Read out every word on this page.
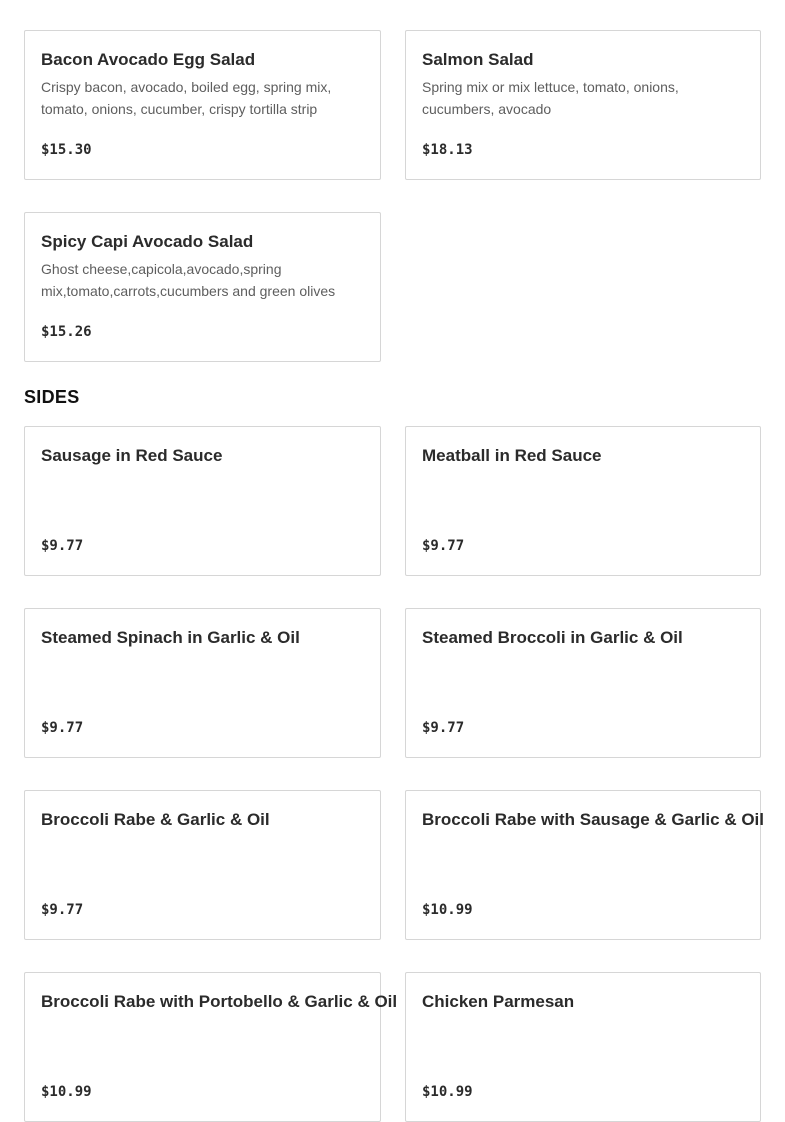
Bacon Avocado Egg Salad
Crispy bacon, avocado, boiled egg, spring mix, tomato, onions, cucumber, crispy tortilla strip
$15.30
Salmon Salad
Spring mix or mix lettuce, tomato, onions, cucumbers, avocado
$18.13
Spicy Capi Avocado Salad
Ghost cheese,capicola,avocado,spring mix,tomato,carrots,cucumbers and green olives
$15.26
SIDES
Sausage in Red Sauce
$9.77
Meatball in Red Sauce
$9.77
Steamed Spinach in Garlic & Oil
$9.77
Steamed Broccoli in Garlic & Oil
$9.77
Broccoli Rabe & Garlic & Oil
$9.77
Broccoli Rabe with Sausage & Garlic & Oil
$10.99
Broccoli Rabe with Portobello & Garlic & Oil
$10.99
Chicken Parmesan
$10.99
